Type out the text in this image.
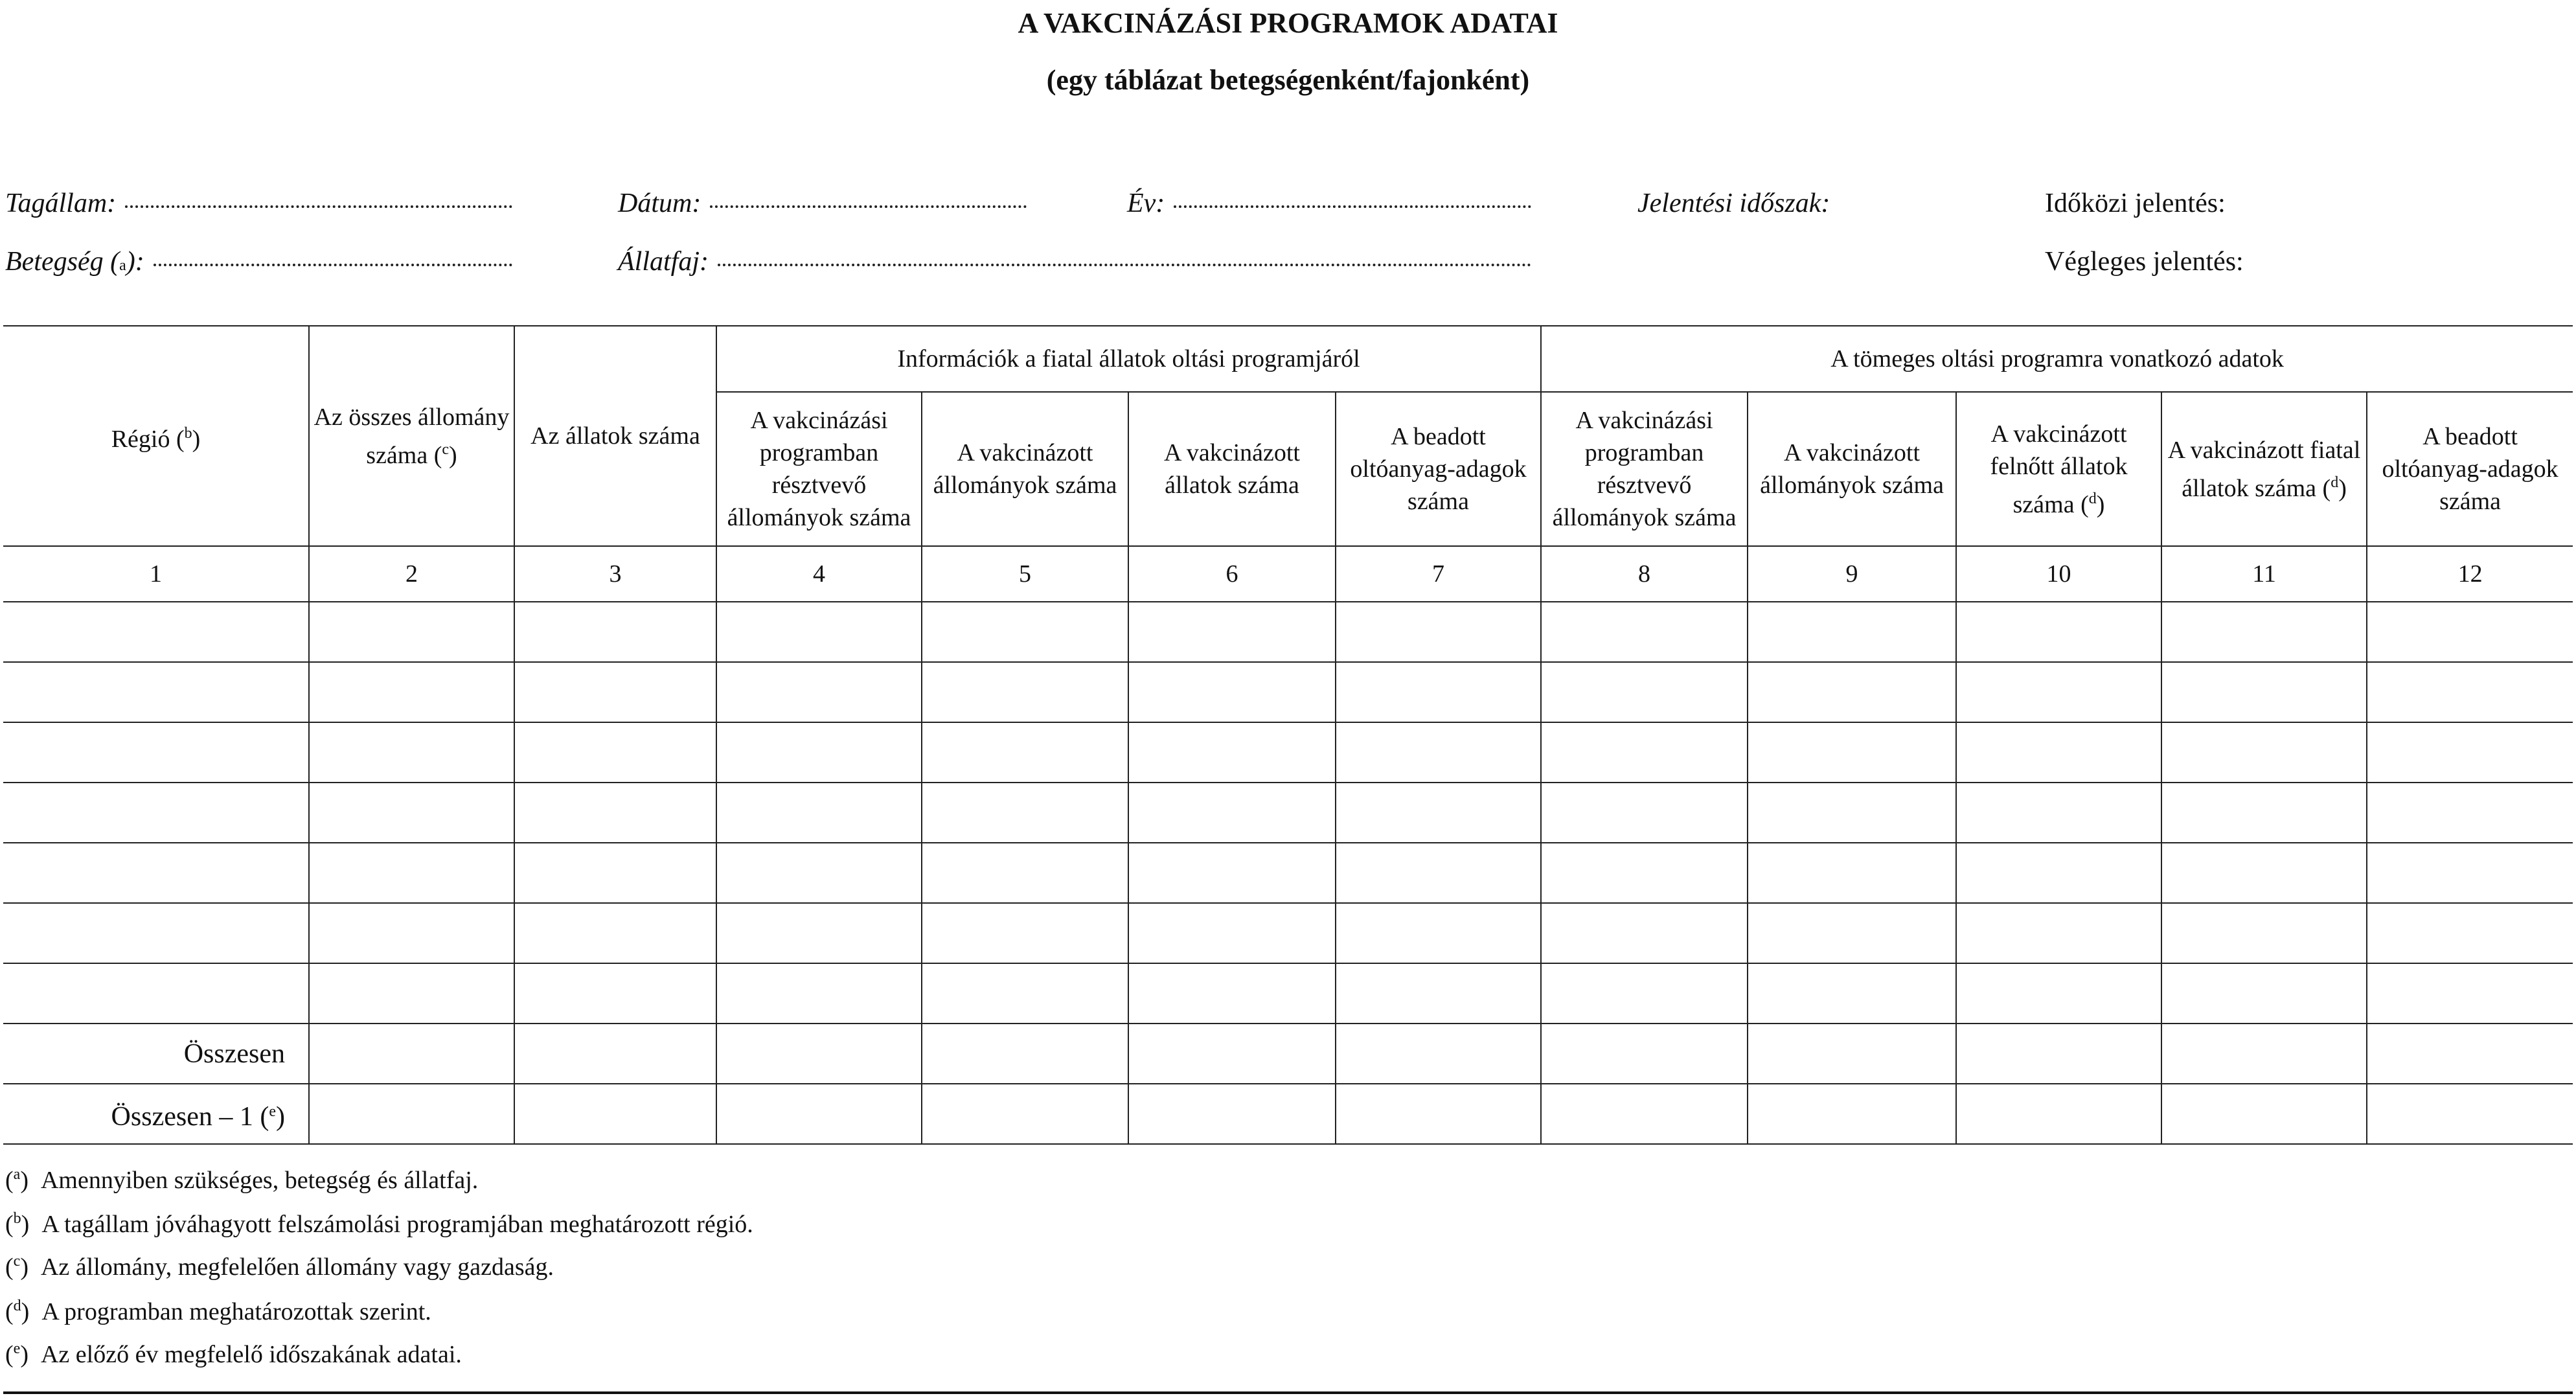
A VAKCINÁZÁSI PROGRAMOK ADATAI
(egy táblázat betegségenként/fajonként)
Tagállam:	Dátum:	Év:	Jelentési időszak:	Időközi jelentés:
Betegség ( a ):	Állatfaj:	Végleges jelentés:
Régió ($^b$)	Az összes állomány száma ($^c$)	Az állatok száma	Információk a fiatal állatok oltási programjáról				A tömeges oltási programra vonatkozó adatok				
			A vakcinázási programban résztvevő állományok száma	A vakcinázott állományok száma	A vakcinázott állatok száma	A beadott oltóanyag-adagok száma	A vakcinázási programban résztvevő állományok száma	A vakcinázott állományok száma	A vakcinázott felnőtt állatok száma ($^d$)	A vakcinázott fiatal állatok száma ($^d$)	A beadott oltóanyag-adagok száma
1	2	3	4	5	6	7	8	9	10	11	12

Összesen											
Összesen – 1 ($^e$)											
($^a$)  Amennyiben szükséges, betegség és állatfaj.
($^b$)  A tagállam jóváhagyott felszámolási programjában meghatározott régió.
($^c$)  Az állomány, megfelelően állomány vagy gazdaság.
($^d$)  A programban meghatározottak szerint.
($^e$)  Az előző év megfelelő időszakának adatai.
